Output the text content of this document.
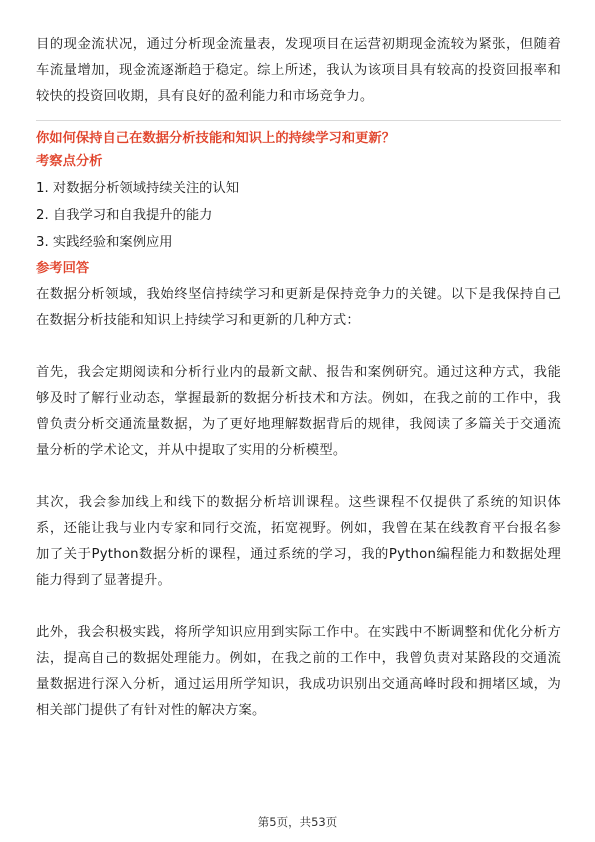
目的现金流状况，通过分析现金流量表，发现项目在运营初期现金流较为紧张，但随着车流量增加，现金流逐渐趋于稳定。综上所述，我认为该项目具有较高的投资回报率和较快的投资回收期，具有良好的盈利能力和市场竞争力。

你如何保持自己在数据分析技能和知识上的持续学习和更新？

考察点分析

1. 对数据分析领域持续关注的认知
2. 自我学习和自我提升的能力
3. 实践经验和案例应用

参考回答

在数据分析领域，我始终坚信持续学习和更新是保持竞争力的关键。以下是我保持自己在数据分析技能和知识上持续学习和更新的几种方式：

首先，我会定期阅读和分析行业内的最新文献、报告和案例研究。通过这种方式，我能够及时了解行业动态，掌握最新的数据分析技术和方法。例如，在我之前的工作中，我曾负责分析交通流量数据，为了更好地理解数据背后的规律，我阅读了多篇关于交通流量分析的学术论文，并从中提取了实用的分析模型。

其次，我会参加线上和线下的数据分析培训课程。这些课程不仅提供了系统的知识体系，还能让我与业内专家和同行交流，拓宽视野。例如，我曾在某在线教育平台报名参加了关于Python数据分析的课程，通过系统的学习，我的Python编程能力和数据处理能力得到了显著提升。

此外，我会积极实践，将所学知识应用到实际工作中。在实践中不断调整和优化分析方法，提高自己的数据处理能力。例如，在我之前的工作中，我曾负责对某路段的交通流量数据进行深入分析，通过运用所学知识，我成功识别出交通高峰时段和拥堵区域，为相关部门提供了有针对性的解决方案。

第5页，共53页
